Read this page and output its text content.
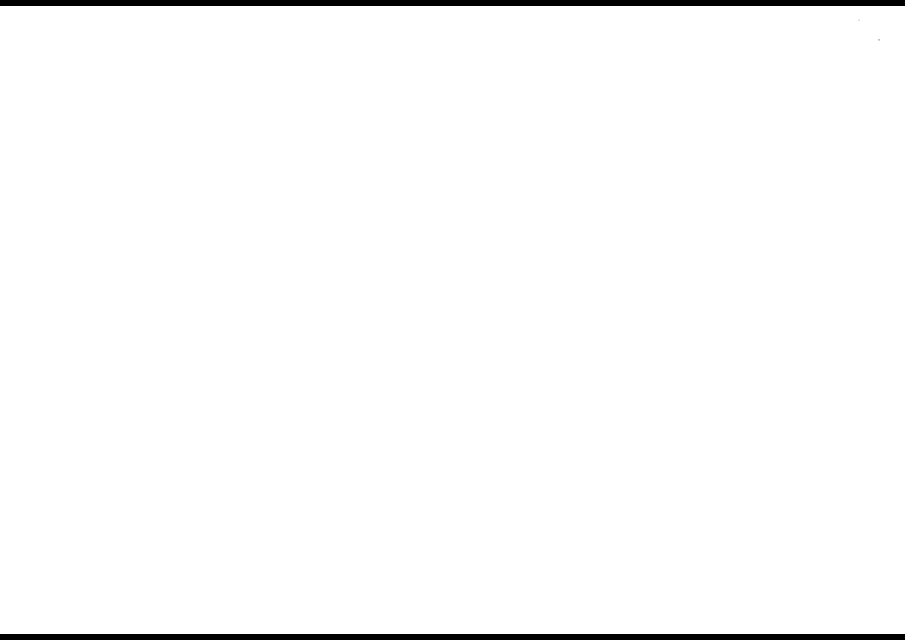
·
˝
